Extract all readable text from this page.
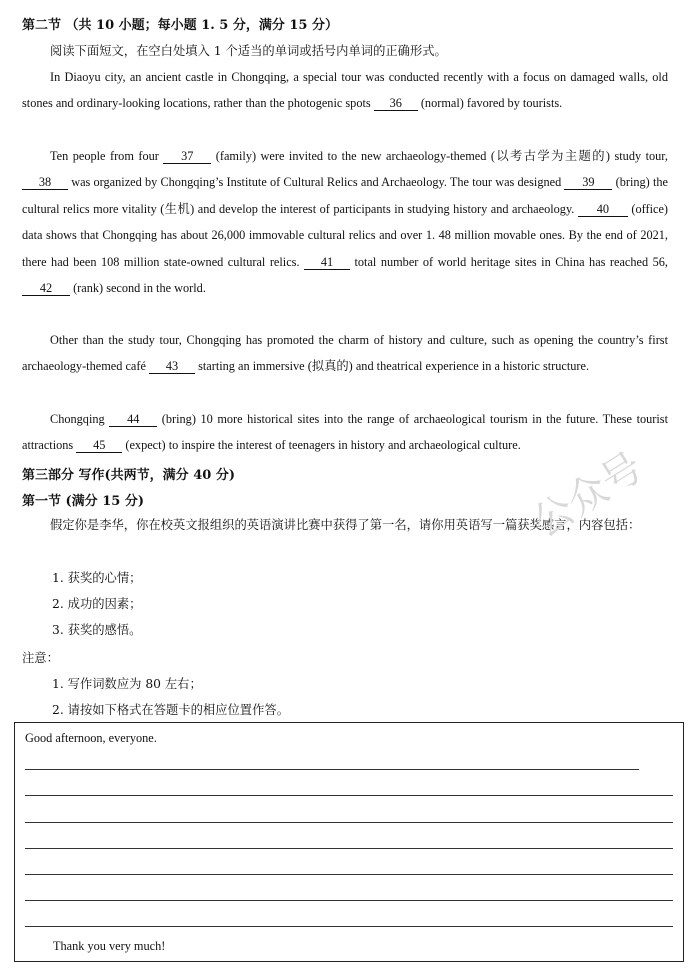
第二节 （共 10 小题；每小题 1. 5 分，满分 15 分）
阅读下面短文，在空白处填入 1 个适当的单词或括号内单词的正确形式。
In Diaoyu city, an ancient castle in Chongqing, a special tour was conducted recently with a focus on damaged walls, old stones and ordinary-looking locations, rather than the photogenic spots 36 (normal) favored by tourists.
Ten people from four 37 (family) were invited to the new archaeology-themed (以考古学为主题的) study tour, 38 was organized by Chongqing’s Institute of Cultural Relics and Archaeology. The tour was designed 39 (bring) the cultural relics more vitality (生机) and develop the interest of participants in studying history and archaeology. 40 (office) data shows that Chongqing has about 26,000 immovable cultural relics and over 1. 48 million movable ones. By the end of 2021, there had been 108 million state-owned cultural relics. 41 total number of world heritage sites in China has reached 56, 42 (rank) second in the world.
Other than the study tour, Chongqing has promoted the charm of history and culture, such as opening the country’s first archaeology-themed café 43 starting an immersive (拟真的) and theatrical experience in a historic structure.
Chongqing 44 (bring) 10 more historical sites into the range of archaeological tourism in the future. These tourist attractions 45 (expect) to inspire the interest of teenagers in history and archaeological culture.
第三部分 写作(共两节，满分 40 分)
第一节 (满分 15 分)
假定你是李华，你在校英文报组织的英语演讲比赛中获得了第一名，请你用英语写一篇获奖感言，内容包括：
1. 获奖的心情；
2. 成功的因素；
3. 获奖的感悟。
注意：
1. 写作词数应为 80 左右；
2. 请按如下格式在答题卡的相应位置作答。
Good afternoon, everyone.
Thank you very much!
公众号
